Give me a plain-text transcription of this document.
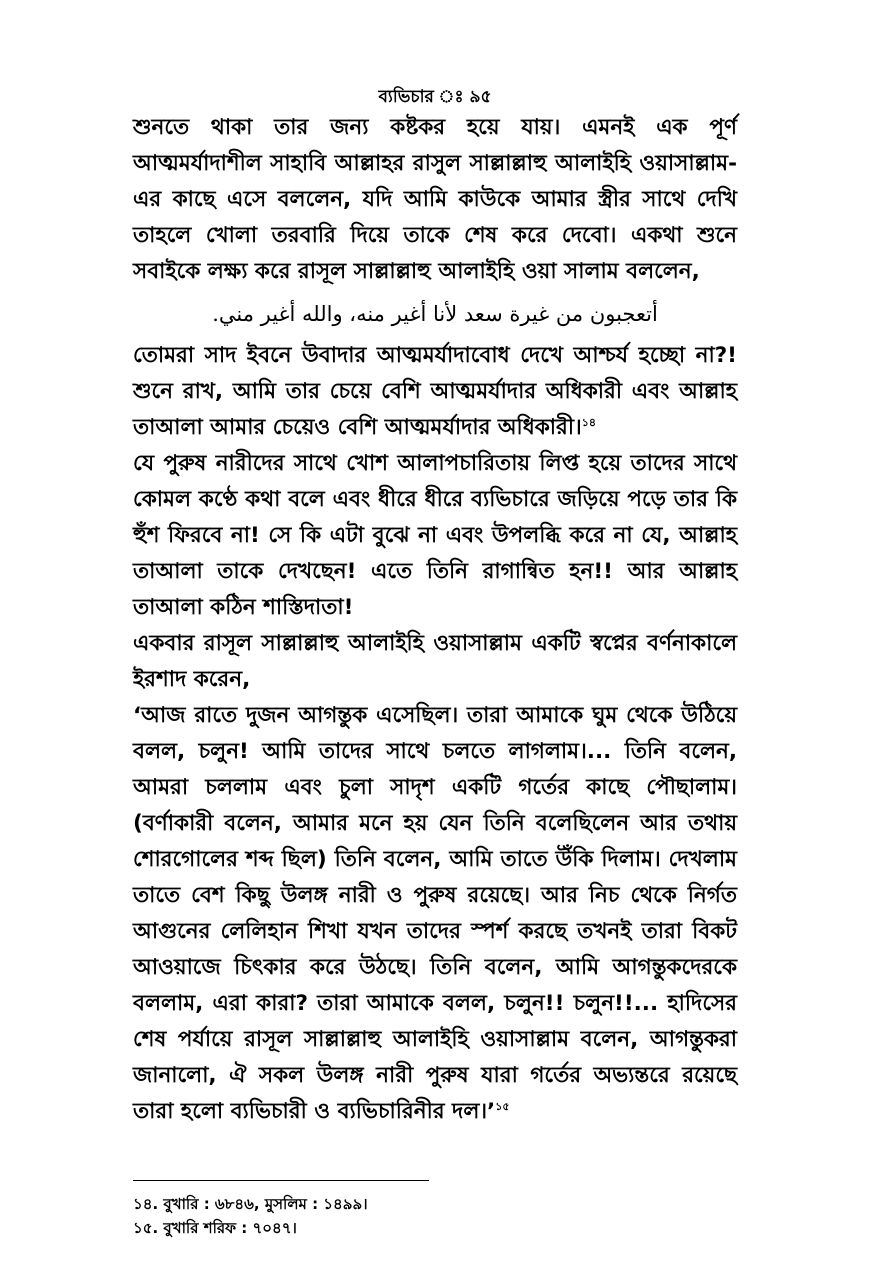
ব্যভিচার ঃ ৯৫

শুনতে থাকা তার জন্য কষ্টকর হয়ে যায়। এমনই এক পূর্ণ আত্মমর্যাদাশীল সাহাবি আল্লাহর রাসুল সাল্লাল্লাহু আলাইহি ওয়াসাল্লাম-এর কাছে এসে বললেন, যদি আমি কাউকে আমার স্ত্রীর সাথে দেখি তাহলে খোলা তরবারি দিয়ে তাকে শেষ করে দেবো। একথা শুনে সবাইকে লক্ষ্য করে রাসূল সাল্লাল্লাহু আলাইহি ওয়া সালাম বললেন,

أتعجبون من غيرة سعد لأنا أغير منه، والله أغير مني.

তোমরা সাদ ইবনে উবাদার আত্মমর্যাদাবোধ দেখে আশ্চর্য হচ্ছো না?! শুনে রাখ, আমি তার চেয়ে বেশি আত্মমর্যাদার অধিকারী এবং আল্লাহ তাআলা আমার চেয়েও বেশি আত্মমর্যাদার অধিকারী।$^{১৪}$

যে পুরুষ নারীদের সাথে খোশ আলাপচারিতায় লিপ্ত হয়ে তাদের সাথে কোমল কণ্ঠে কথা বলে এবং ধীরে ধীরে ব্যভিচারে জড়িয়ে পড়ে তার কি হুঁশ ফিরবে না! সে কি এটা বুঝে না এবং উপলব্ধি করে না যে, আল্লাহ তাআলা তাকে দেখছেন! এতে তিনি রাগান্বিত হন!! আর আল্লাহ তাআলা কঠিন শাস্তিদাতা!

একবার রাসূল সাল্লাল্লাহু আলাইহি ওয়াসাল্লাম একটি স্বপ্নের বর্ণনাকালে ইরশাদ করেন,

‘আজ রাতে দুজন আগন্তুক এসেছিল। তারা আমাকে ঘুম থেকে উঠিয়ে বলল, চলুন! আমি তাদের সাথে চলতে লাগলাম।... তিনি বলেন, আমরা চললাম এবং চুলা সাদৃশ একটি গর্তের কাছে পৌছালাম। (বর্ণাকারী বলেন, আমার মনে হয় যেন তিনি বলেছিলেন আর তথায় শোরগোলের শব্দ ছিল) তিনি বলেন, আমি তাতে উঁকি দিলাম। দেখলাম তাতে বেশ কিছু উলঙ্গ নারী ও পুরুষ রয়েছে। আর নিচ থেকে নির্গত আগুনের লেলিহান শিখা যখন তাদের স্পর্শ করছে তখনই তারা বিকট আওয়াজে চিৎকার করে উঠছে। তিনি বলেন, আমি আগন্তুকদেরকে বললাম, এরা কারা? তারা আমাকে বলল, চলুন!! চলুন!!... হাদিসের শেষ পর্যায়ে রাসূল সাল্লাল্লাহু আলাইহি ওয়াসাল্লাম বলেন, আগন্তুকরা জানালো, ঐ সকল উলঙ্গ নারী পুরুষ যারা গর্তের অভ্যন্তরে রয়েছে তারা হলো ব্যভিচারী ও ব্যভিচারিনীর দল।’$^{১৫}$

১৪. বুখারি : ৬৮৪৬, মুসলিম : ১৪৯৯।
১৫. বুখারি শরিফ : ৭০৪৭।
